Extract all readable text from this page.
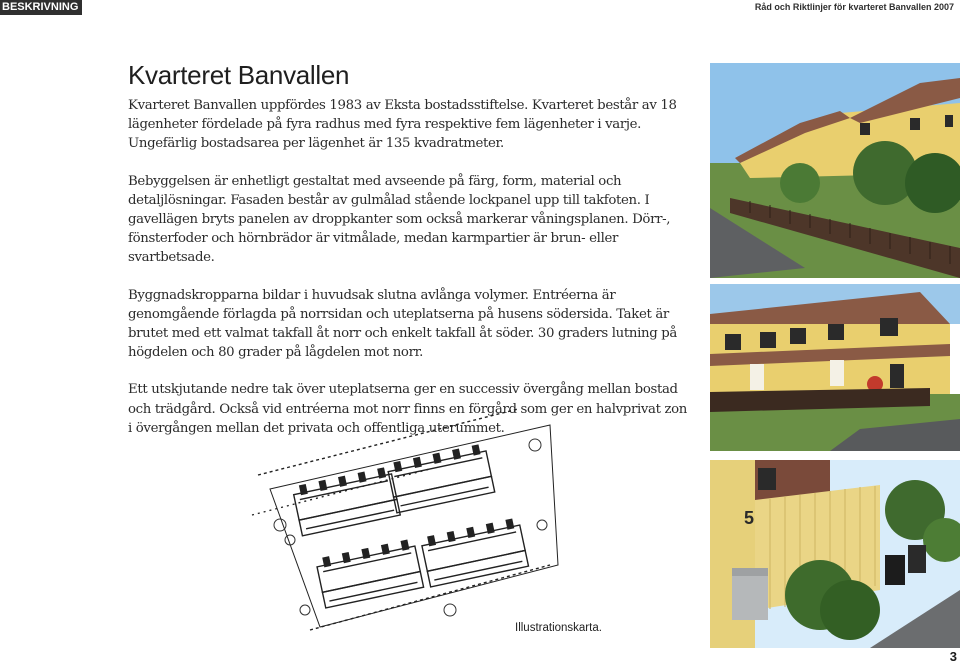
BESKRIVNING	Råd och Riktlinjer för kvarteret Banvallen 2007
Kvarteret Banvallen

Kvarteret Banvallen uppfördes 1983 av Eksta bostadsstiftelse. Kvarteret består av 18 lägenheter fördelade på fyra radhus med fyra respektive fem lägenheter i varje. Ungefärlig bostadsarea per lägenhet är 135 kvadratmeter.

Bebyggelsen är enhetligt gestaltat med avseende på färg, form, material och detaljlösningar. Fasaden består av gulmålad stående lockpanel upp till takfoten. I gavellägen bryts panelen av droppkanter som också markerar våningsplanen. Dörr-, fönsterfoder och hörnbrädor är vitmålade, medan karmpartier är brun- eller svartbetsade.

Byggnadskropparna bildar i huvudsak slutna avlånga volymer. Entréerna är genomgående förlagda på norrsidan och uteplatserna på husens södersida. Taket är brutet med ett valmat takfall åt norr och enkelt takfall åt söder. 30 graders lutning på högdelen och 80 grader på lågdelen mot norr.

Ett utskjutande nedre tak över uteplatserna ger en successiv övergång mellan bostad och trädgård. Också vid entréerna mot norr finns en förgård som ger en halvprivat zon i övergången mellan det privata och offentliga uterummet.

Illustrationskarta.
5
3
